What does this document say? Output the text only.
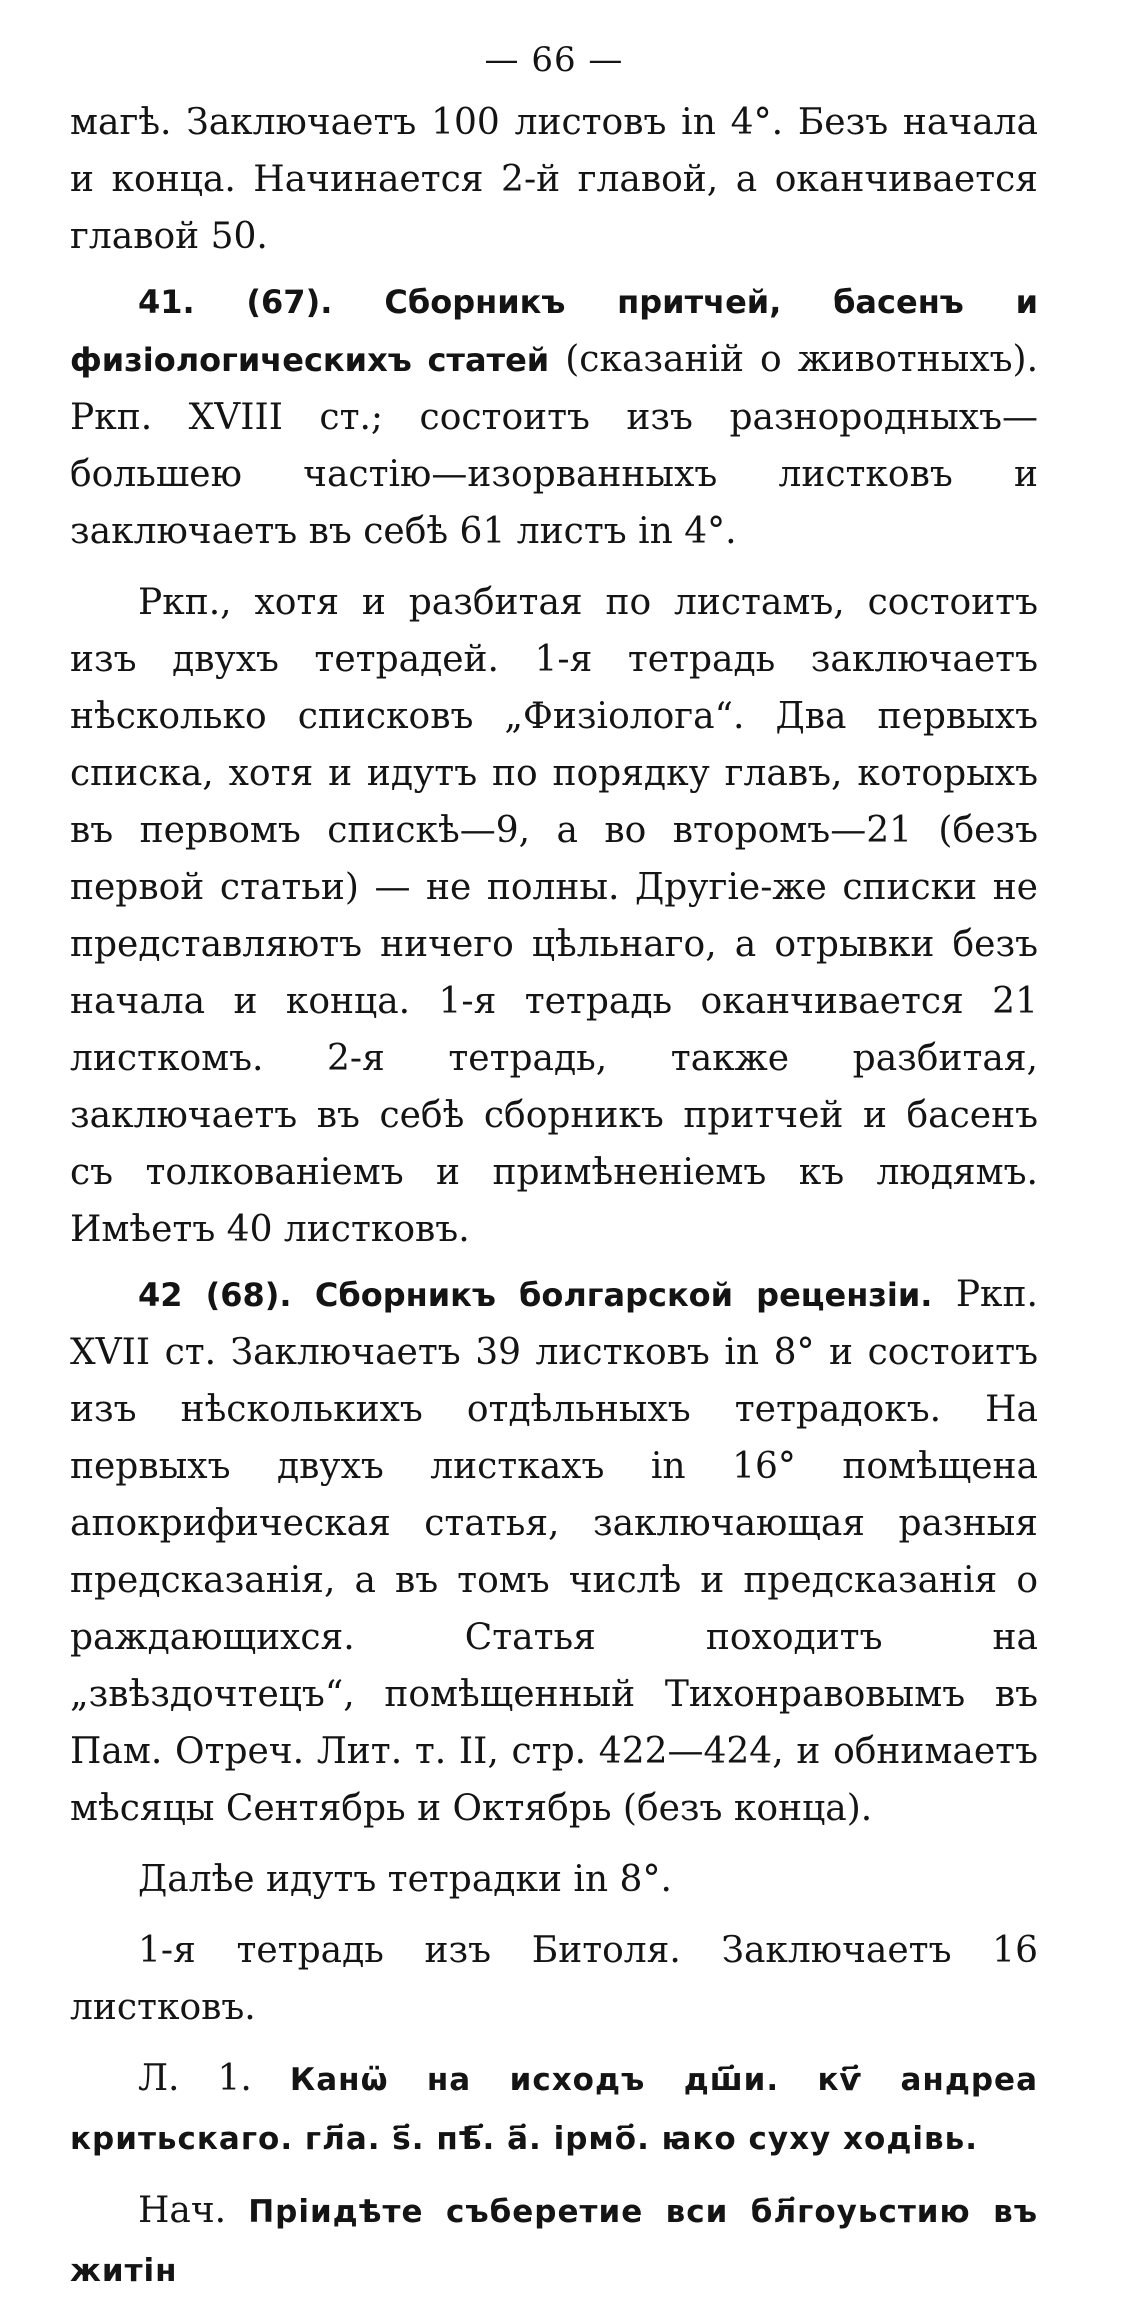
— 66 —

магѣ. Заключаетъ 100 листовъ in 4°. Безъ начала и конца. Начинается 2-й главой, а оканчивается главой 50.

41. (67). Сборникъ притчей, басенъ и физіологическихъ статей (сказаній о животныхъ). Ркп. XVIII ст.; состоитъ изъ разнородныхъ—большею частію—изорванныхъ листковъ и заключаетъ въ себѣ 61 листъ in 4°.

Ркп., хотя и разбитая по листамъ, состоитъ изъ двухъ тетрадей. 1-я тетрадь заключаетъ нѣсколько списковъ „Физіолога“. Два первыхъ списка, хотя и идутъ по порядку главъ, которыхъ въ первомъ спискѣ—9, а во второмъ—21 (безъ первой статьи) — не полны. Другіе-же списки не представляютъ ничего цѣльнаго, а отрывки безъ начала и конца. 1-я тетрадь оканчивается 21 листкомъ. 2-я тетрадь, также разбитая, заключаетъ въ себѣ сборникъ притчей и басенъ съ толкованіемъ и примѣненіемъ къ людямъ. Имѣетъ 40 листковъ.

42 (68). Сборникъ болгарской рецензіи. Ркп. XVII ст. Заключаетъ 39 листковъ in 8° и состоитъ изъ нѣсколькихъ отдѣльныхъ тетрадокъ. На первыхъ двухъ листкахъ in 16° помѣщена апокрифическая статья, заключающая разныя предсказанія, а въ томъ числѣ и предсказанія о раждающихся. Статья походитъ на „звѣздочтецъ“, помѣщенный Тихонравовымъ въ Пам. Отреч. Лит. т. II, стр. 422—424, и обнимаетъ мѣсяцы Сентябрь и Октябрь (безъ конца).

Далѣе идутъ тетрадки in 8°.

1-я тетрадь изъ Битоля. Заключаетъ 16 листковъ.

Л. 1. Канѡ̈ на исходъ дш҃и. кѵ҃ андреа критьскаго. гл҃а. ѕ҃. пѣ҃. а҃. ірмо҃. ꙗко суху ходівь.

Нач. Пріидѣте съберетие вси бл҃гоуьстию въ житін
